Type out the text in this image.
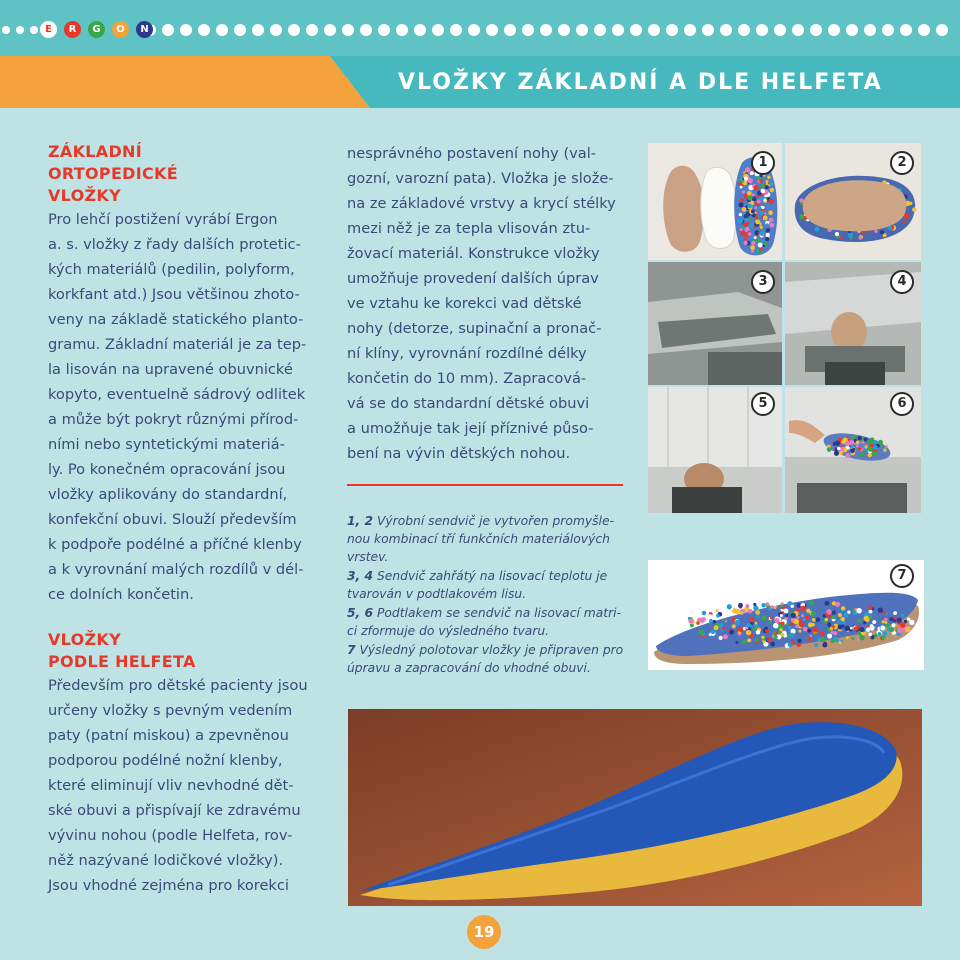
E	R	G	O	N
VLOŽKY ZÁKLADNÍ A DLE HELFETA
ZÁKLADNÍ
ORTOPEDICKÉ
VLOŽKY
Pro lehčí postižení vyrábí Ergon
a. s. vložky z řady dalších protetic-
kých materiálů (pedilin, polyform,
korkfant atd.) Jsou většinou zhoto-
veny na základě statického planto-
gramu. Základní materiál je za tep-
la lisován na upravené obuvnické
kopyto, eventuelně sádrový odlitek
a může být pokryt různými přírod-
ními nebo syntetickými materiá-
ly. Po konečném opracování jsou
vložky aplikovány do standardní,
konfekční obuvi. Slouží především
k podpoře podélné a příčné klenby
a k vyrovnání malých rozdílů v dél-
ce dolních končetin.
VLOŽKY
PODLE HELFETA
Především pro dětské pacienty jsou
určeny vložky s pevným vedením
paty (patní miskou) a zpevněnou
podporou podélné nožní klenby,
které eliminují vliv nevhodné dět-
ské obuvi a přispívají ke zdravému
vývinu nohou (podle Helfeta, rov-
něž nazývané lodičkové vložky).
Jsou vhodné zejména pro korekci
nesprávného postavení nohy (val-
gozní, varozní pata). Vložka je slože-
na ze základové vrstvy a krycí stélky
mezi něž je za tepla vlisován ztu-
žovací materiál. Konstrukce vložky
umožňuje provedení dalších úprav
ve vztahu ke korekci vad dětské
nohy (detorze, supinační a pronač-
ní klíny, vyrovnání rozdílné délky
končetin do 10 mm). Zapracová-
vá se do standardní dětské obuvi
a umožňuje tak její příznivé půso-
bení na vývin dětských nohou.
1, 2 Výrobní sendvič je vytvořen promyšle-
nou kombinací tří funkčních materiálových
vrstev.
3, 4 Sendvič zahřátý na lisovací teplotu je
tvarován v podtlakovém lisu.
5, 6 Podtlakem se sendvič na lisovací matri-
ci zformuje do výsledného tvaru.
7 Výsledný polotovar vložky je připraven pro
úpravu a zapracování do vhodné obuvi.
1	2
3	4
5	6
7
19
